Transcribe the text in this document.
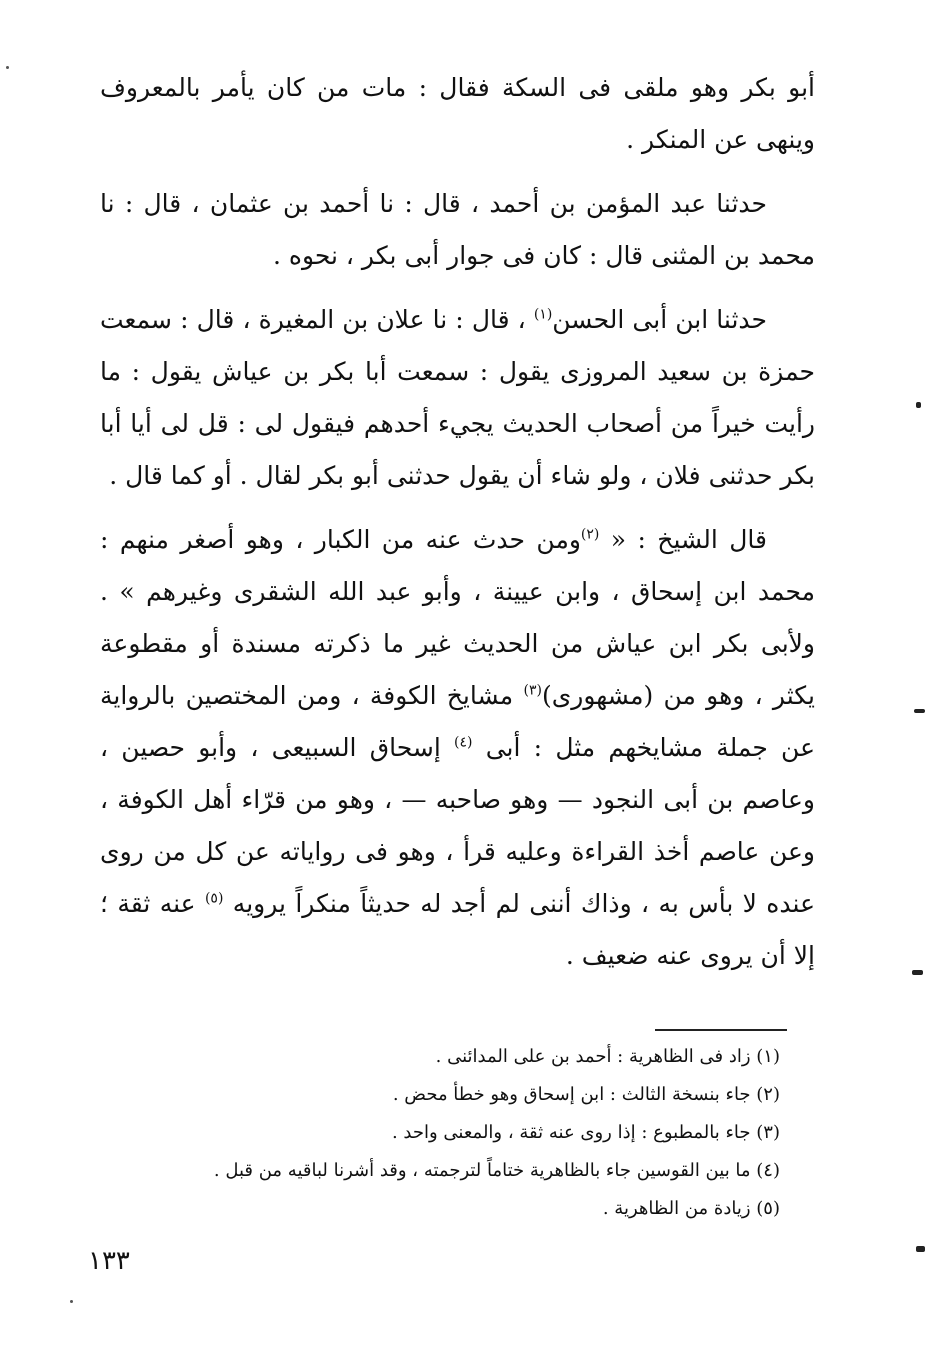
أبو بكر وهو ملقى فى السكة فقال : مات من كان يأمر بالمعروف وينهى عن المنكر .

حدثنا عبد المؤمن بن أحمد ، قال : نا أحمد بن عثمان ، قال : نا محمد بن المثنى قال : كان فى جوار أبى بكر ، نحوه .

حدثنا ابن أبى الحسن$^{(١)}$ ، قال : نا علان بن المغيرة ، قال : سمعت حمزة بن سعيد المروزى يقول : سمعت أبا بكر بن عياش يقول : ما رأيت خيراً من أصحاب الحديث يجيء أحدهم فيقول لى : قل لى أيا أبا بكر حدثنى فلان ، ولو شاء أن يقول حدثنى أبو بكر لقال . أو كما قال .

قال الشيخ : « $^{(٢)}$ومن حدث عنه من الكبار ، وهو أصغر منهم : محمد ابن إسحاق ، وابن عيينة ، وأبو عبد الله الشقرى وغيرهم » . ولأبى بكر ابن عياش من الحديث غير ما ذكرته مسندة أو مقطوعة يكثر ، وهو من (مشهورى)$^{(٣)}$ مشايخ الكوفة ، ومن المختصين بالرواية عن جملة مشايخهم مثل : أبى $^{(٤)}$ إسحاق السبيعى ، وأبو حصين ، وعاصم بن أبى النجود — وهو صاحبه — ، وهو من قرّاء أهل الكوفة ، وعن عاصم أخذ القراءة وعليه قرأ ، وهو فى رواياته عن كل من روى عنده لا بأس به ، وذاك أننى لم أجد له حديثاً منكراً يرويه $^{(٥)}$ عنه ثقة ؛ إلا أن يروى عنه ضعيف .

(١) زاد فى الظاهرية : أحمد بن على المدائنى .

(٢) جاء بنسخة الثالث : ابن إسحاق وهو خطأ محض .

(٣) جاء بالمطبوع : إذا روى عنه ثقة ، والمعنى واحد .

(٤) ما بين القوسين جاء بالظاهرية ختاماً لترجمته ، وقد أشرنا لباقيه من قبل .

(٥) زيادة من الظاهرية .

١٣٣
